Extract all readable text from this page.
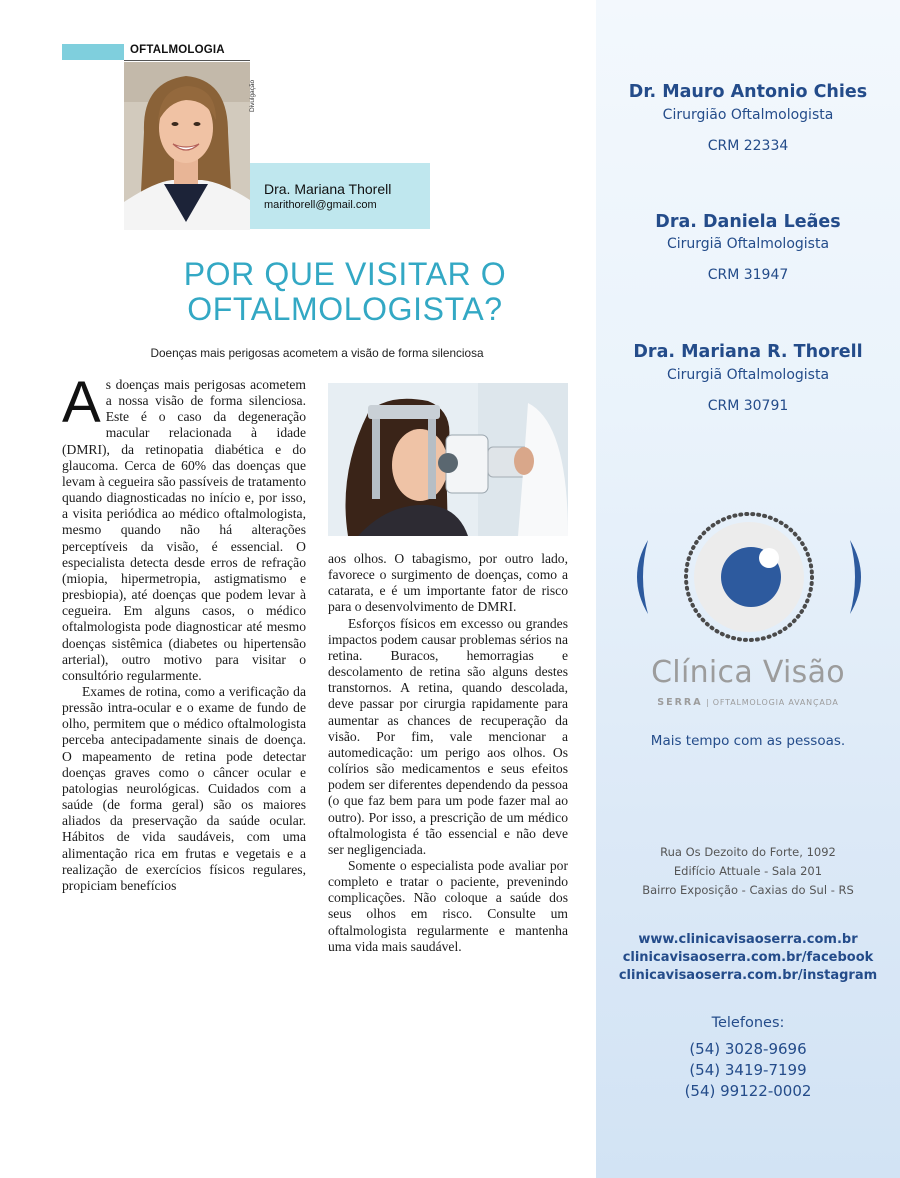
OFTALMOLOGIA
Divulgação
Dra. Mariana Thorell
marithorell@gmail.com
POR QUE VISITAR O
OFTALMOLOGISTA?
Doenças mais perigosas acometem a visão de forma silenciosa

As doenças mais perigosas acometem a nossa visão de forma silenciosa. Este é o caso da degeneração macular relacionada à idade (DMRI), da retinopatia diabética e do glaucoma. Cerca de 60% das doenças que levam à cegueira são passíveis de tratamento quando diagnosticadas no início e, por isso, a visita periódica ao médico oftalmologista, mesmo quando não há alterações perceptíveis da visão, é essencial. O especialista detecta desde erros de refração (miopia, hipermetropia, astigmatismo e presbiopia), até doenças que podem levar à cegueira. Em alguns casos, o médico oftalmologista pode diagnosticar até mesmo doenças sistêmica (diabetes ou hipertensão arterial), outro motivo para visitar o consultório regularmente.

Exames de rotina, como a verificação da pressão intra-ocular e o exame de fundo de olho, permitem que o médico oftalmologista perceba antecipadamente sinais de doença. O mapeamento de retina pode detectar doenças graves como o câncer ocular e patologias neurológicas. Cuidados com a saúde (de forma geral) são os maiores aliados da preservação da saúde ocular. Hábitos de vida saudáveis, com uma alimentação rica em frutas e vegetais e a realização de exercícios físicos regulares, propiciam benefícios

aos olhos. O tabagismo, por outro lado, favorece o surgimento de doenças, como a catarata, e é um importante fator de risco para o desenvolvimento de DMRI.

Esforços físicos em excesso ou grandes impactos podem causar problemas sérios na retina. Buracos, hemorragias e descolamento de retina são alguns destes transtornos. A retina, quando descolada, deve passar por cirurgia rapidamente para aumentar as chances de recuperação da visão. Por fim, vale mencionar a automedicação: um perigo aos olhos. Os colírios são medicamentos e seus efeitos podem ser diferentes dependendo da pessoa (o que faz bem para um pode fazer mal ao outro). Por isso, a prescrição de um médico oftalmologista é tão essencial e não deve ser negligenciada.

Somente o especialista pode avaliar por completo e tratar o paciente, prevenindo complicações. Não coloque a saúde dos seus olhos em risco. Consulte um oftalmologista regularmente e mantenha uma vida mais saudável.

Dr. Mauro Antonio Chies
Cirurgião Oftalmologista
CRM 22334
Dra. Daniela Leães
Cirurgiã Oftalmologista
CRM 31947
Dra. Mariana R. Thorell
Cirurgiã Oftalmologista
CRM 30791
Clínica Visão
SERRA | OFTALMOLOGIA AVANÇADA
Mais tempo com as pessoas.
Rua Os Dezoito do Forte, 1092
Edifício Attuale - Sala 201
Bairro Exposição - Caxias do Sul - RS
www.clinicavisaoserra.com.br
clinicavisaoserra.com.br/facebook
clinicavisaoserra.com.br/instagram
Telefones:
(54) 3028-9696
(54) 3419-7199
(54) 99122-0002
